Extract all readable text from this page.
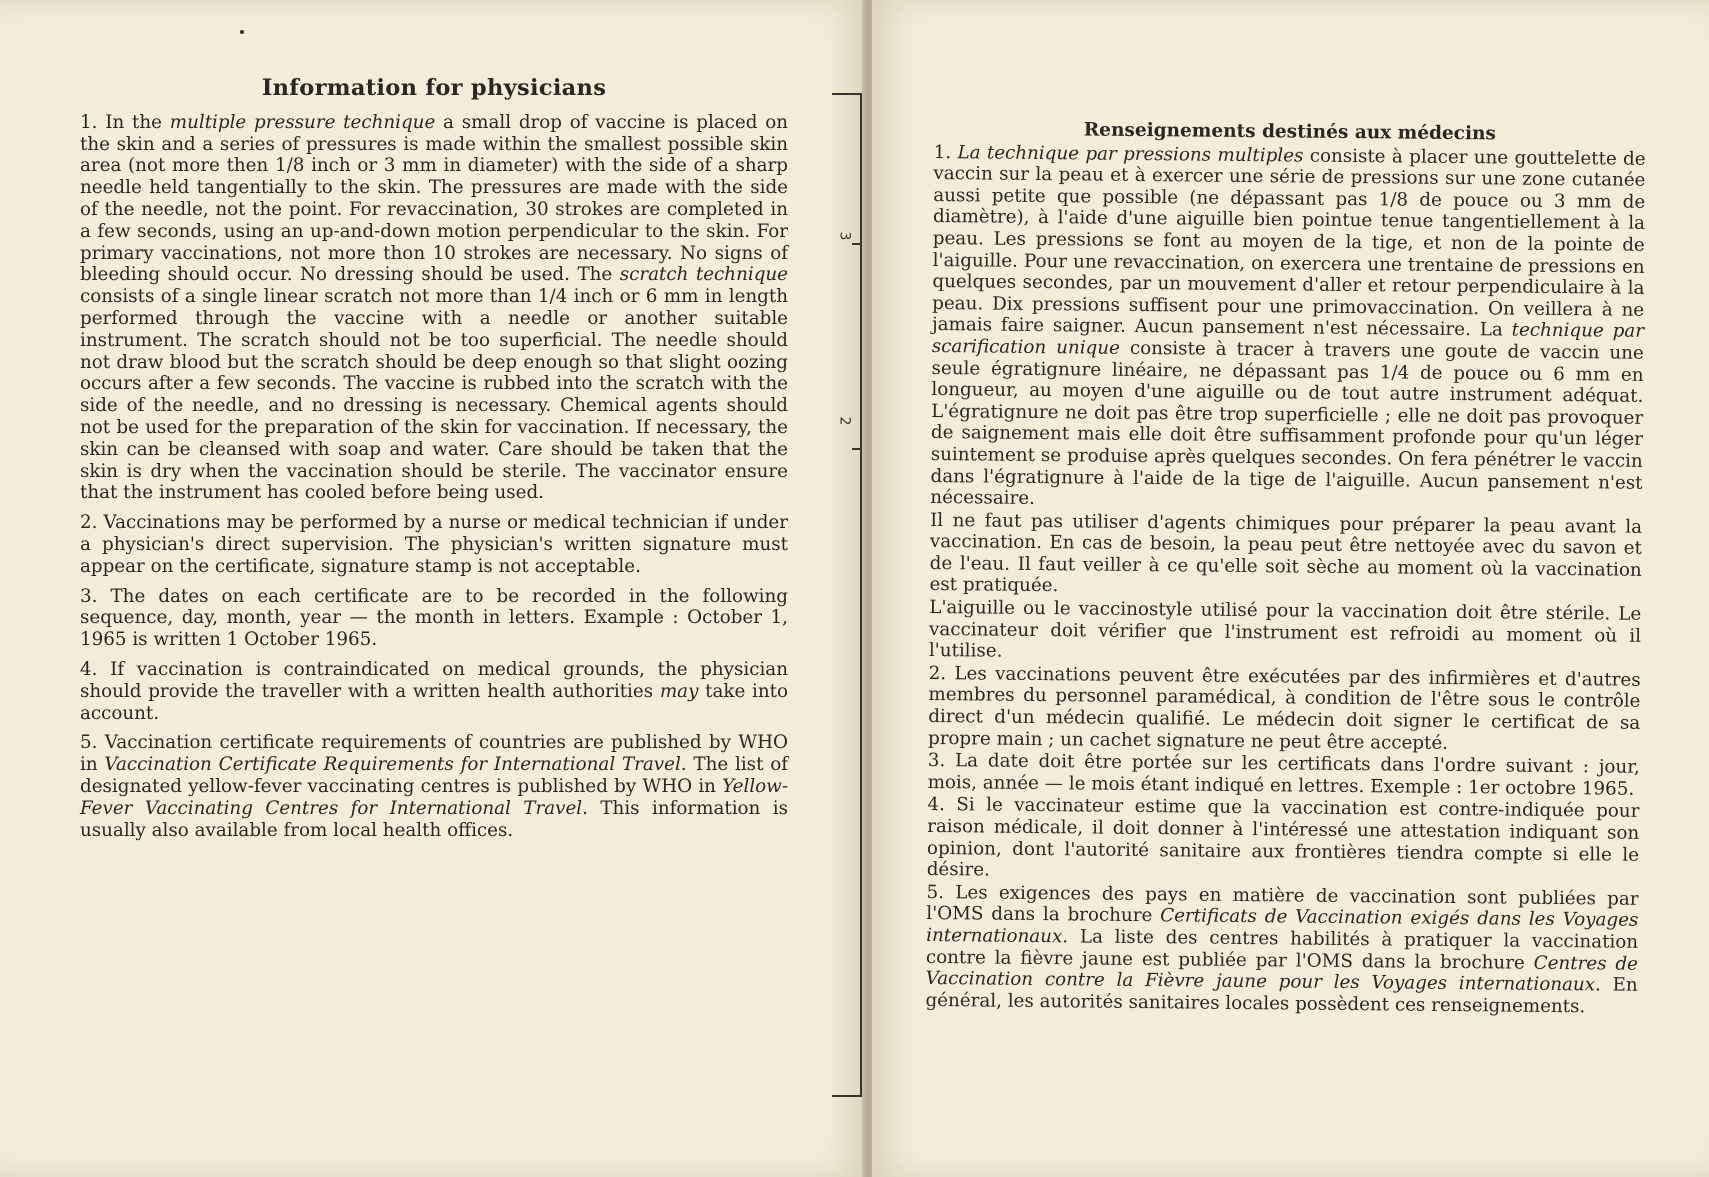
Information for physicians

1. In the multiple pressure technique a small drop of vaccine is placed on the skin and a series of pressures is made within the smallest possible skin area (not more then 1/8 inch or 3 mm in diameter) with the side of a sharp needle held tangentially to the skin. The pressures are made with the side of the needle, not the point. For revaccination, 30 strokes are completed in a few seconds, using an up-and-down motion perpendicular to the skin. For primary vaccinations, not more thon 10 strokes are necessary. No signs of bleeding should occur. No dressing should be used. The scratch technique consists of a single linear scratch not more than 1/4 inch or 6 mm in length performed through the vaccine with a needle or another suitable instrument. The scratch should not be too superficial. The needle should not draw blood but the scratch should be deep enough so that slight oozing occurs after a few seconds. The vaccine is rubbed into the scratch with the side of the needle, and no dressing is necessary. Chemical agents should not be used for the preparation of the skin for vaccination. If necessary, the skin can be cleansed with soap and water. Care should be taken that the skin is dry when the vaccination should be sterile. The vaccinator ensure that the instrument has cooled before being used.

2. Vaccinations may be performed by a nurse or medical technician if under a physician's direct supervision. The physician's written signature must appear on the certificate, signature stamp is not acceptable.

3. The dates on each certificate are to be recorded in the following sequence, day, month, year — the month in letters. Example : October 1, 1965 is written 1 October 1965.

4. If vaccination is contraindicated on medical grounds, the physician should provide the traveller with a written health authorities may take into account.

5. Vaccination certificate requirements of countries are published by WHO in Vaccination Certificate Requirements for International Travel. The list of designated yellow-fever vaccinating centres is published by WHO in Yellow-Fever Vaccinating Centres for International Travel. This information is usually also available from local health offices.

3
2
Renseignements destinés aux médecins

1. La technique par pressions multiples consiste à placer une gouttelette de vaccin sur la peau et à exercer une série de pressions sur une zone cutanée aussi petite que possible (ne dépassant pas 1/8 de pouce ou 3 mm de diamètre), à l'aide d'une aiguille bien pointue tenue tangentiellement à la peau. Les pressions se font au moyen de la tige, et non de la pointe de l'aiguille. Pour une revaccination, on exercera une trentaine de pressions en quelques secondes, par un mouvement d'aller et retour perpendiculaire à la peau. Dix pressions suffisent pour une primovaccination. On veillera à ne jamais faire saigner. Aucun pansement n'est nécessaire. La technique par scarification unique consiste à tracer à travers une goute de vaccin une seule égratignure linéaire, ne dépassant pas 1/4 de pouce ou 6 mm en longueur, au moyen d'une aiguille ou de tout autre instrument adéquat. L'égratignure ne doit pas être trop superficielle ; elle ne doit pas provoquer de saignement mais elle doit être suffisamment profonde pour qu'un léger suintement se produise après quelques secondes. On fera pénétrer le vaccin dans l'égratignure à l'aide de la tige de l'aiguille. Aucun pansement n'est nécessaire.

Il ne faut pas utiliser d'agents chimiques pour préparer la peau avant la vaccination. En cas de besoin, la peau peut être nettoyée avec du savon et de l'eau. Il faut veiller à ce qu'elle soit sèche au moment où la vaccination est pratiquée.

L'aiguille ou le vaccinostyle utilisé pour la vaccination doit être stérile. Le vaccinateur doit vérifier que l'instrument est refroidi au moment où il l'utilise.

2. Les vaccinations peuvent être exécutées par des infirmières et d'autres membres du personnel paramédical, à condition de l'être sous le contrôle direct d'un médecin qualifié. Le médecin doit signer le certificat de sa propre main ; un cachet signature ne peut être accepté.

3. La date doit être portée sur les certificats dans l'ordre suivant : jour, mois, année — le mois étant indiqué en lettres. Exemple : 1er octobre 1965.

4. Si le vaccinateur estime que la vaccination est contre-indiquée pour raison médicale, il doit donner à l'intéressé une attestation indiquant son opinion, dont l'autorité sanitaire aux frontières tiendra compte si elle le désire.

5. Les exigences des pays en matière de vaccination sont publiées par l'OMS dans la brochure Certificats de Vaccination exigés dans les Voyages internationaux. La liste des centres habilités à pratiquer la vaccination contre la fièvre jaune est publiée par l'OMS dans la brochure Centres de Vaccination contre la Fièvre jaune pour les Voyages internationaux. En général, les autorités sanitaires locales possèdent ces renseignements.
